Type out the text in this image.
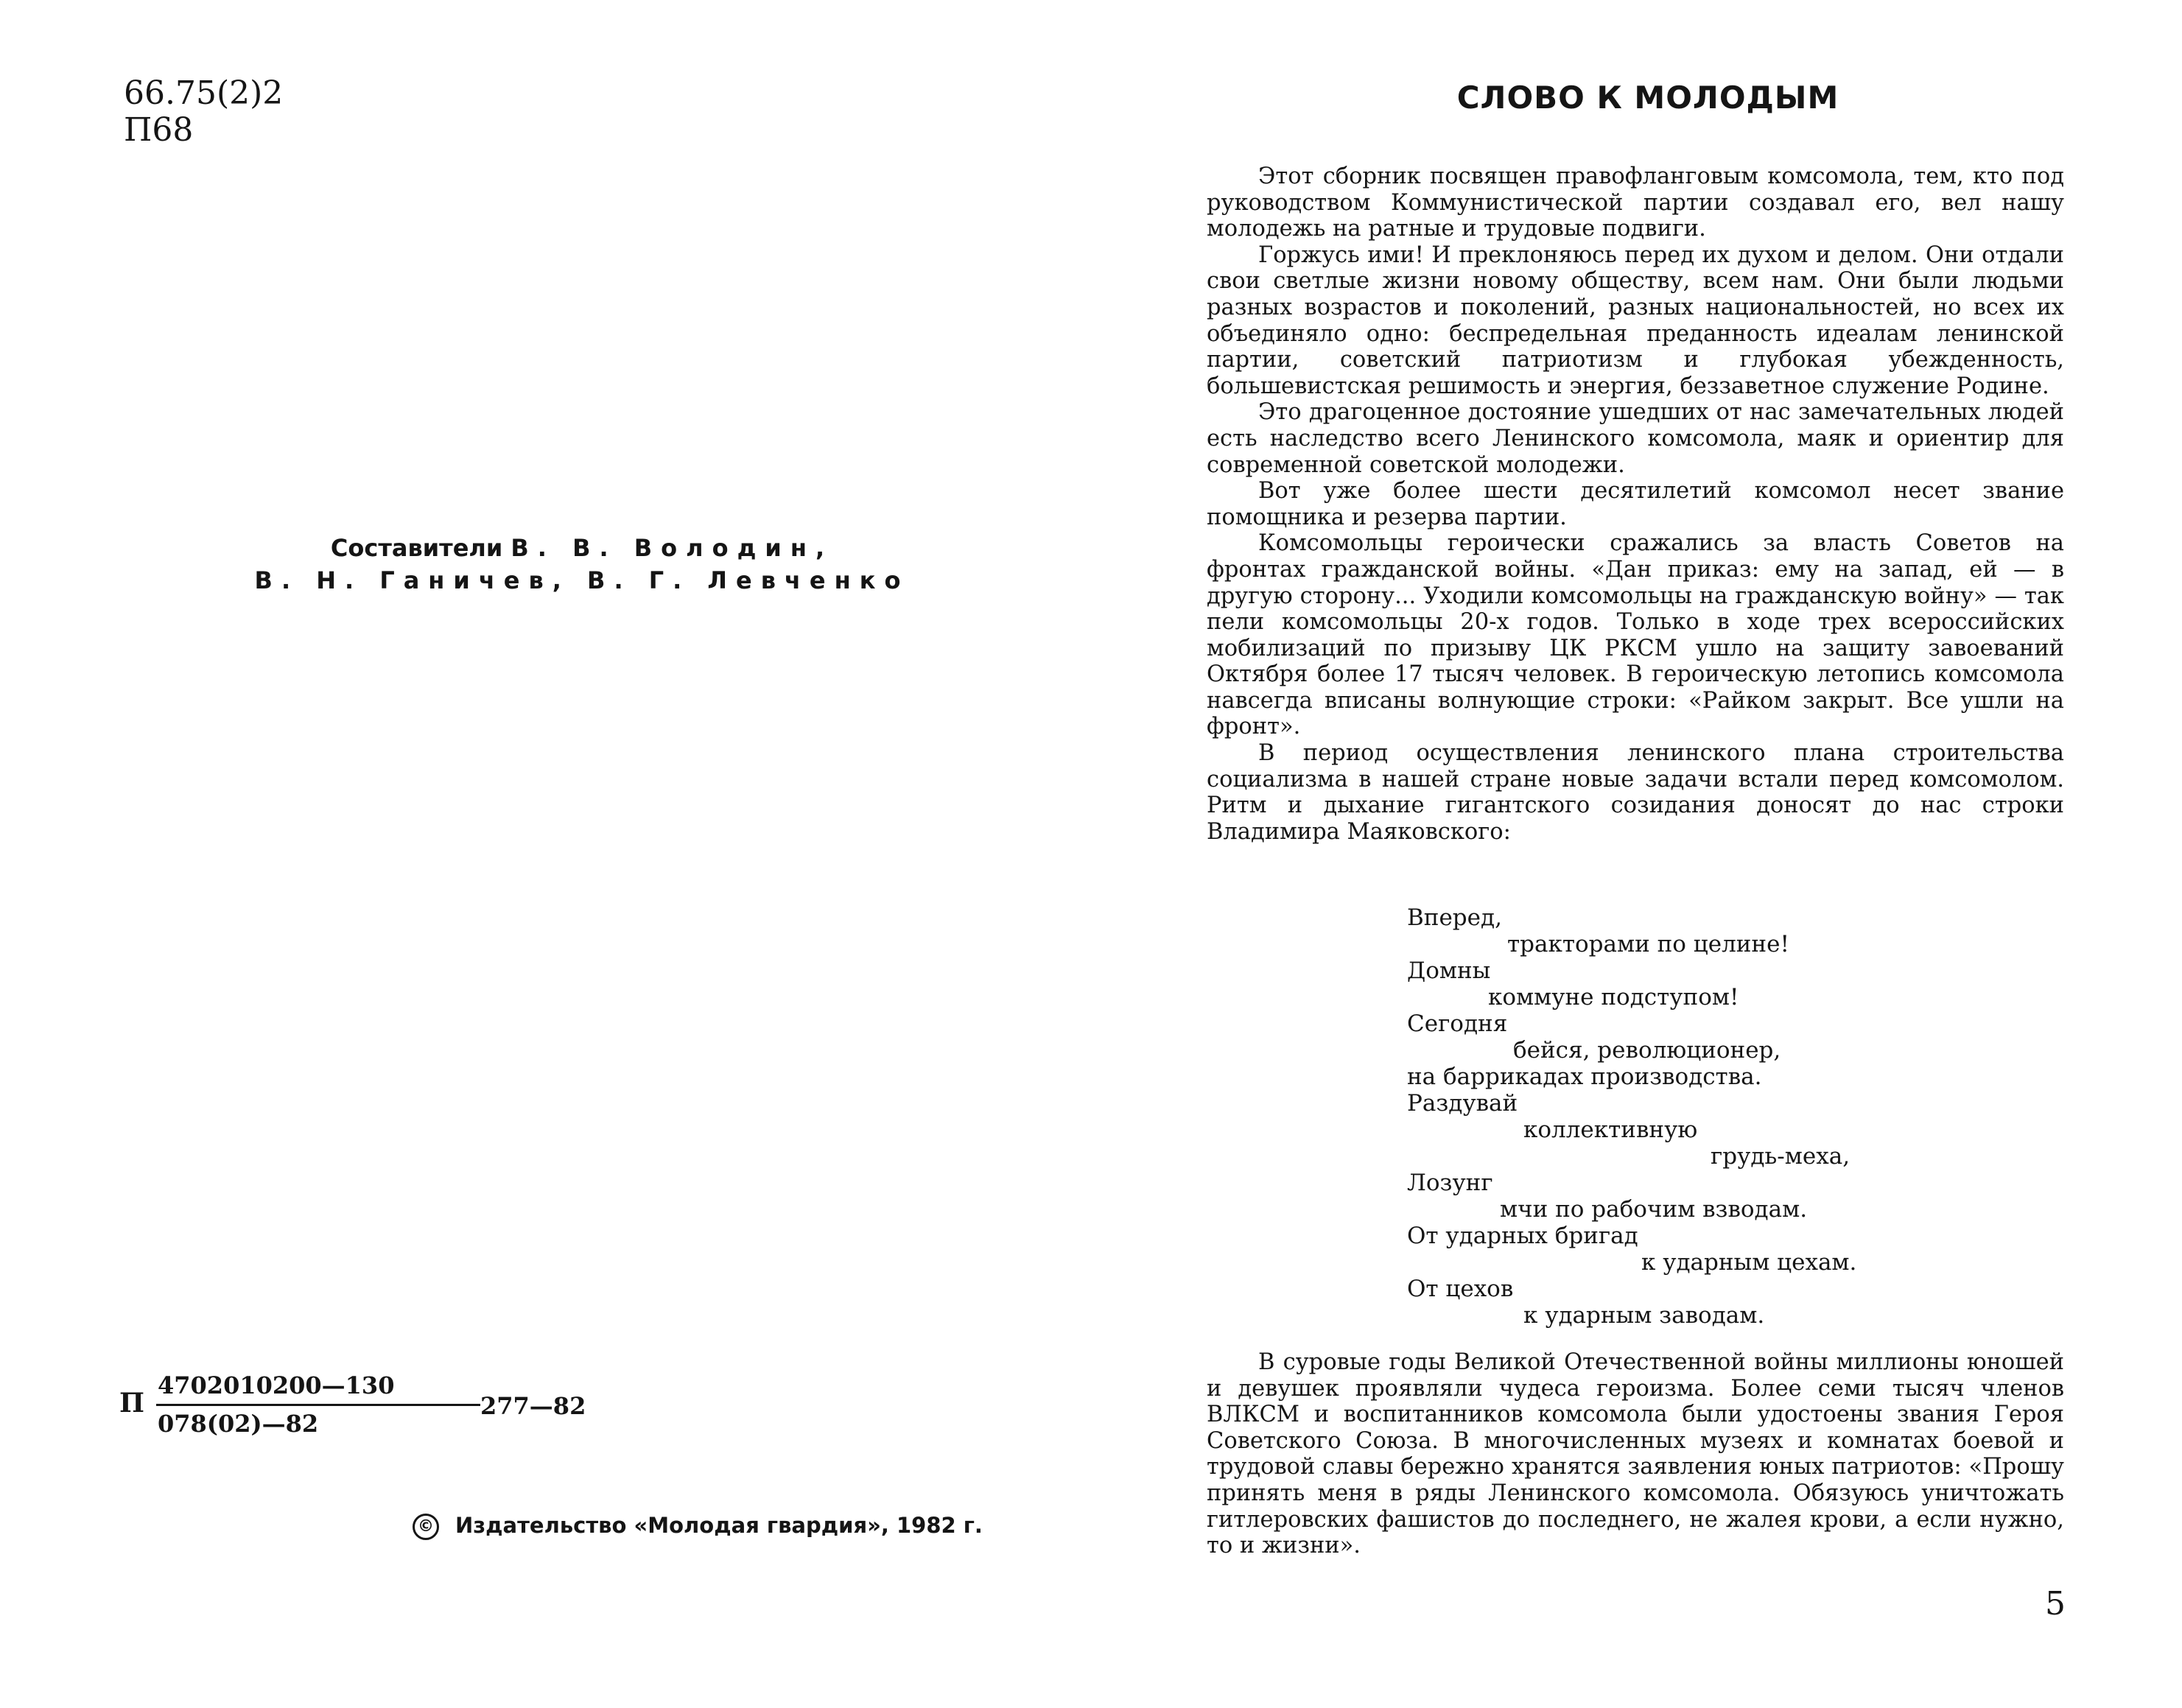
66.75(2)2
П68
Составители В. В. Володин,
В. Н. Ганичев, В. Г. Левченко
П
4702010200—130
078(02)—82
277—82
© Издательство «Молодая гвардия», 1982 г.
СЛОВО К МОЛОДЫМ

Этот сборник посвящен правофланговым комсомола, тем, кто под руководством Коммунистической партии создавал его, вел нашу молодежь на ратные и трудовые подвиги.

Горжусь ими! И преклоняюсь перед их духом и делом. Они отдали свои светлые жизни новому обществу, всем нам. Они были людьми разных возрастов и поколений, разных национальностей, но всех их объединяло одно: беспредельная преданность идеалам ленинской партии, советский патриотизм и глубокая убежденность, большевистская решимость и энергия, беззаветное служение Родине.

Это драгоценное достояние ушедших от нас замечательных людей есть наследство всего Ленинского комсомола, маяк и ориентир для современной советской молодежи.

Вот уже более шести десятилетий комсомол несет звание помощника и резерва партии.

Комсомольцы героически сражались за власть Советов на фронтах гражданской войны. «Дан приказ: ему на запад, ей — в другую сторону... Уходили комсомольцы на гражданскую войну» — так пели комсомольцы 20-х годов. Только в ходе трех всероссийских мобилизаций по призыву ЦК РКСМ ушло на защиту завоеваний Октября более 17 тысяч человек. В героическую летопись комсомола навсегда вписаны волнующие строки: «Райком закрыт. Все ушли на фронт».

В период осуществления ленинского плана строительства социализма в нашей стране новые задачи встали перед комсомолом. Ритм и дыхание гигантского созидания доносят до нас строки Владимира Маяковского:

Вперед,
тракторами по целине!
Домны
коммуне подступом!
Сегодня
бейся, революционер,
на баррикадах производства.
Раздувай
коллективную
грудь-меха,
Лозунг
мчи по рабочим взводам.
От ударных бригад
к ударным цехам.
От цехов
к ударным заводам.

В суровые годы Великой Отечественной войны миллионы юношей и девушек проявляли чудеса героизма. Более семи тысяч членов ВЛКСМ и воспитанников комсомола были удостоены звания Героя Советского Союза. В многочисленных музеях и комнатах боевой и трудовой славы бережно хранятся заявления юных патриотов: «Прошу принять меня в ряды Ленинского комсомола. Обязуюсь уничтожать гитлеровских фашистов до последнего, не жалея крови, а если нужно, то и жизни».

5
